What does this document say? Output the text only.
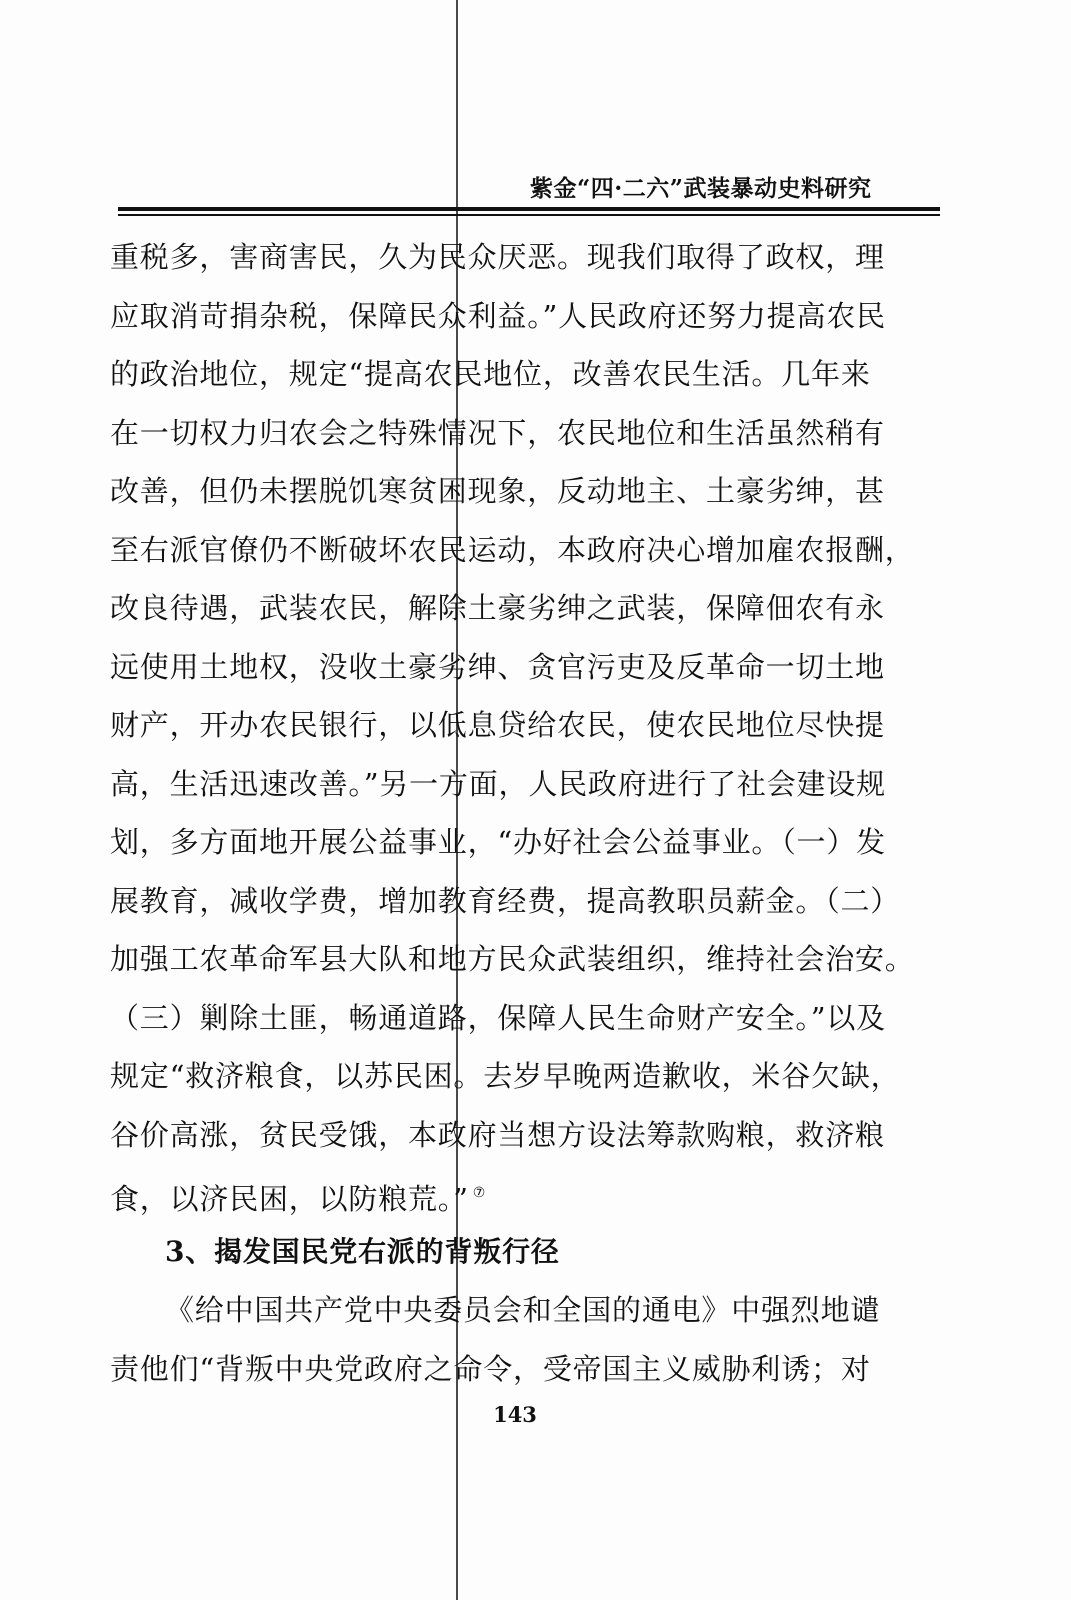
紫金“四·二六”武装暴动史料研究
重税多，害商害民，久为民众厌恶。现我们取得了政权，理
应取消苛捐杂税，保障民众利益。”人民政府还努力提高农民
的政治地位，规定“提高农民地位，改善农民生活。几年来
在一切权力归农会之特殊情况下，农民地位和生活虽然稍有
改善，但仍未摆脱饥寒贫困现象，反动地主、土豪劣绅，甚
至右派官僚仍不断破坏农民运动，本政府决心增加雇农报酬，
改良待遇，武装农民，解除土豪劣绅之武装，保障佃农有永
远使用土地权，没收土豪劣绅、贪官污吏及反革命一切土地
财产，开办农民银行，以低息贷给农民，使农民地位尽快提
高，生活迅速改善。”另一方面，人民政府进行了社会建设规
划，多方面地开展公益事业，“办好社会公益事业。（一）发
展教育，减收学费，增加教育经费，提高教职员薪金。（二）
加强工农革命军县大队和地方民众武装组织，维持社会治安。
（三）剿除土匪，畅通道路，保障人民生命财产安全。”以及
规定“救济粮食，以苏民困。去岁早晚两造歉收，米谷欠缺，
谷价高涨，贫民受饿，本政府当想方设法筹款购粮，救济粮
食，以济民困，以防粮荒。” ⑦
3、揭发国民党右派的背叛行径
《给中国共产党中央委员会和全国的通电》中强烈地谴
责他们“背叛中央党政府之命令，受帝国主义威胁利诱；对
143
